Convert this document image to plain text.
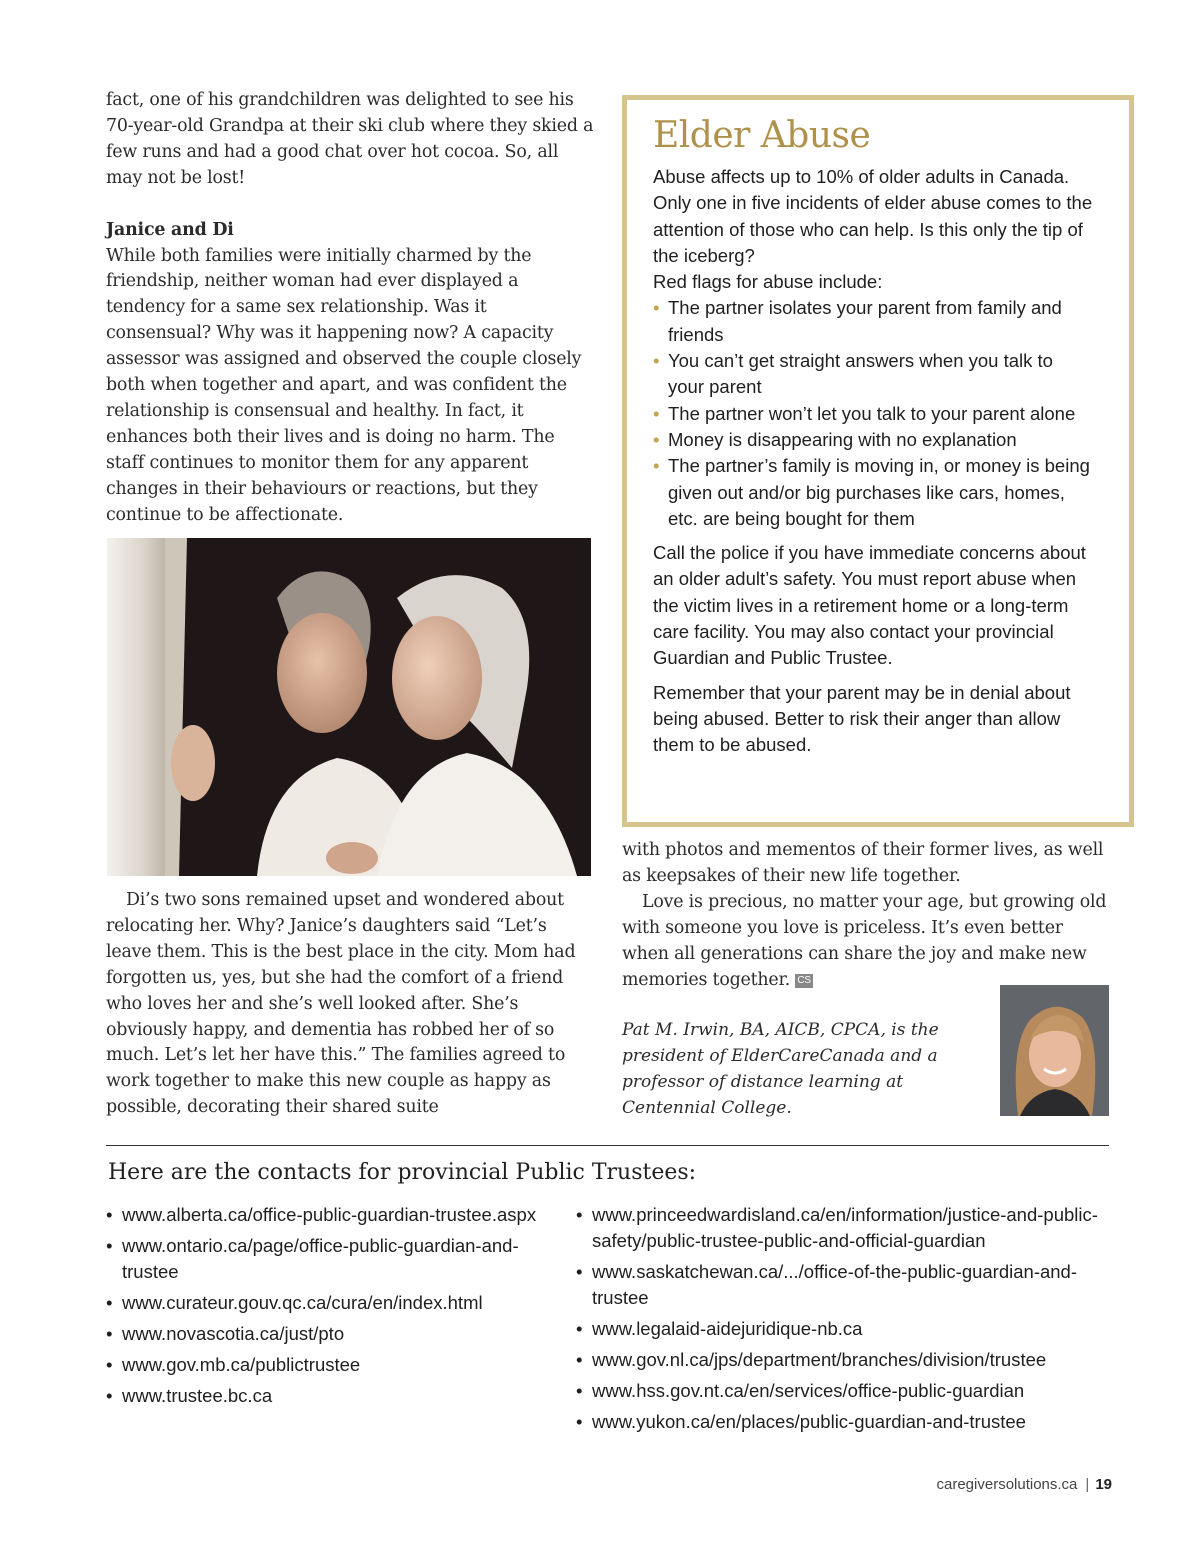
fact, one of his grandchildren was delighted to see his 70-year-old Grandpa at their ski club where they skied a few runs and had a good chat over hot cocoa. So, all may not be lost!

Janice and Di

While both families were initially charmed by the friendship, neither woman had ever displayed a tendency for a same sex relationship. Was it consensual? Why was it happening now? A capacity assessor was assigned and observed the couple closely both when together and apart, and was confident the relationship is consensual and healthy. In fact, it enhances both their lives and is doing no harm. The staff continues to monitor them for any apparent changes in their behaviours or reactions, but they continue to be affectionate.

Di’s two sons remained upset and wondered about relocating her. Why? Janice’s daughters said “Let’s leave them. This is the best place in the city. Mom had forgotten us, yes, but she had the comfort of a friend who loves her and she’s well looked after. She’s obviously happy, and dementia has robbed her of so much. Let’s let her have this.” The families agreed to work together to make this new couple as happy as possible, decorating their shared suite

Elder Abuse

Abuse affects up to 10% of older adults in Canada. Only one in five incidents of elder abuse comes to the attention of those who can help. Is this only the tip of the iceberg?

Red flags for abuse include:

• The partner isolates your parent from family and friends
• You can’t get straight answers when you talk to your parent
• The partner won’t let you talk to your parent alone
• Money is disappearing with no explanation
• The partner’s family is moving in, or money is being given out and/or big purchases like cars, homes, etc. are being bought for them

Call the police if you have immediate concerns about an older adult’s safety. You must report abuse when the victim lives in a retirement home or a long-term care facility. You may also contact your provincial Guardian and Public Trustee.

Remember that your parent may be in denial about being abused. Better to risk their anger than allow them to be abused.

with photos and mementos of their former lives, as well as keepsakes of their new life together.

Love is precious, no matter your age, but growing old with someone you love is priceless. It’s even better when all generations can share the joy and make new memories together. CS

Pat M. Irwin, BA, AICB, CPCA, is the president of ElderCareCanada and a professor of distance learning at Centennial College.
Here are the contacts for provincial Public Trustees:
• www.alberta.ca/office-public-guardian-trustee.aspx
• www.ontario.ca/page/office-public-guardian-and-trustee
• www.curateur.gouv.qc.ca/cura/en/index.html
• www.novascotia.ca/just/pto
• www.gov.mb.ca/publictrustee
• www.trustee.bc.ca
• www.princeedwardisland.ca/en/information/justice-and-public-safety/public-trustee-public-and-official-guardian
• www.saskatchewan.ca/.../office-of-the-public-guardian-and-trustee
• www.legalaid-aidejuridique-nb.ca
• www.gov.nl.ca/jps/department/branches/division/trustee
• www.hss.gov.nt.ca/en/services/office-public-guardian
• www.yukon.ca/en/places/public-guardian-and-trustee
caregiversolutions.ca | 19
